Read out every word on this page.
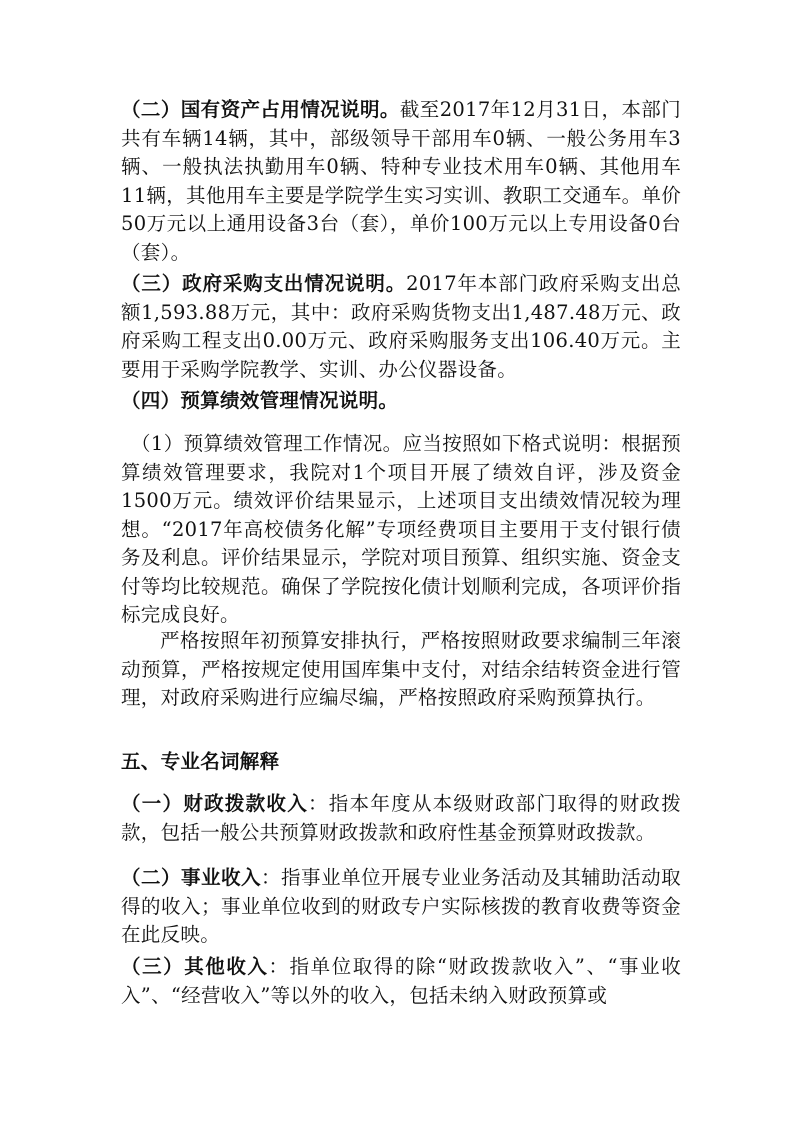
（二）国有资产占用情况说明。截至2017年12月31日，本部门共有车辆14辆，其中，部级领导干部用车0辆、一般公务用车3辆、一般执法执勤用车0辆、特种专业技术用车0辆、其他用车11辆，其他用车主要是学院学生实习实训、教职工交通车。单价50万元以上通用设备3台（套），单价100万元以上专用设备0台（套）。

（三）政府采购支出情况说明。2017年本部门政府采购支出总额1,593.88万元，其中：政府采购货物支出1,487.48万元、政府采购工程支出0.00万元、政府采购服务支出106.40万元。主要用于采购学院教学、实训、办公仪器设备。

（四）预算绩效管理情况说明。

（1）预算绩效管理工作情况。应当按照如下格式说明：根据预算绩效管理要求，我院对1个项目开展了绩效自评，涉及资金1500万元。绩效评价结果显示，上述项目支出绩效情况较为理想。“2017年高校债务化解”专项经费项目主要用于支付银行债务及利息。评价结果显示，学院对项目预算、组织实施、资金支付等均比较规范。确保了学院按化债计划顺利完成，各项评价指标完成良好。

严格按照年初预算安排执行，严格按照财政要求编制三年滚动预算，严格按规定使用国库集中支付，对结余结转资金进行管理，对政府采购进行应编尽编，严格按照政府采购预算执行。

五、专业名词解释

（一）财政拨款收入：指本年度从本级财政部门取得的财政拨款，包括一般公共预算财政拨款和政府性基金预算财政拨款。

（二）事业收入：指事业单位开展专业业务活动及其辅助活动取得的收入；事业单位收到的财政专户实际核拨的教育收费等资金在此反映。

（三）其他收入：指单位取得的除“财政拨款收入”、“事业收入”、“经营收入”等以外的收入，包括未纳入财政预算或
